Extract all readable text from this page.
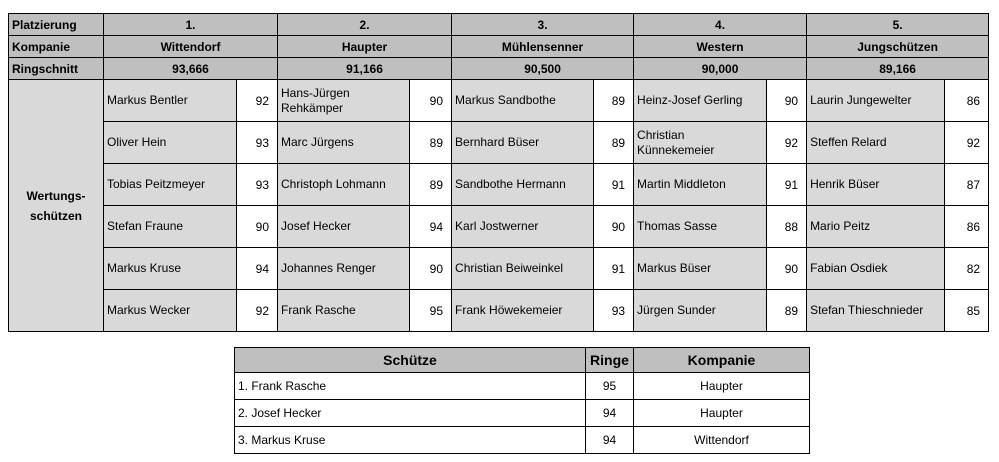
Platzierung	1.		2.		3.		4.		5.	
Kompanie	Wittendorf		Haupter		Mühlensenner		Western		Jungschützen	
Ringschnitt	93,666		91,166		90,500		90,000		89,166	
Wertungs-schützen	Markus Bentler	92	Hans-Jürgen Rehkämper	90	Markus Sandbothe	89	Heinz-Josef Gerling	90	Laurin Jungewelter	86
	Oliver Hein	93	Marc Jürgens	89	Bernhard Büser	89	Christian Künnekemeier	92	Steffen Relard	92
	Tobias Peitzmeyer	93	Christoph Lohmann	89	Sandbothe Hermann	91	Martin Middleton	91	Henrik Büser	87
	Stefan Fraune	90	Josef Hecker	94	Karl Jostwerner	90	Thomas Sasse	88	Mario Peitz	86
	Markus Kruse	94	Johannes Renger	90	Christian Beiweinkel	91	Markus Büser	90	Fabian Osdiek	82
	Markus Wecker	92	Frank Rasche	95	Frank Höwekemeier	93	Jürgen Sunder	89	Stefan Thieschnieder	85
Schütze	Ringe	Kompanie
1. Frank Rasche	95	Haupter
2. Josef Hecker	94	Haupter
3. Markus Kruse	94	Wittendorf
